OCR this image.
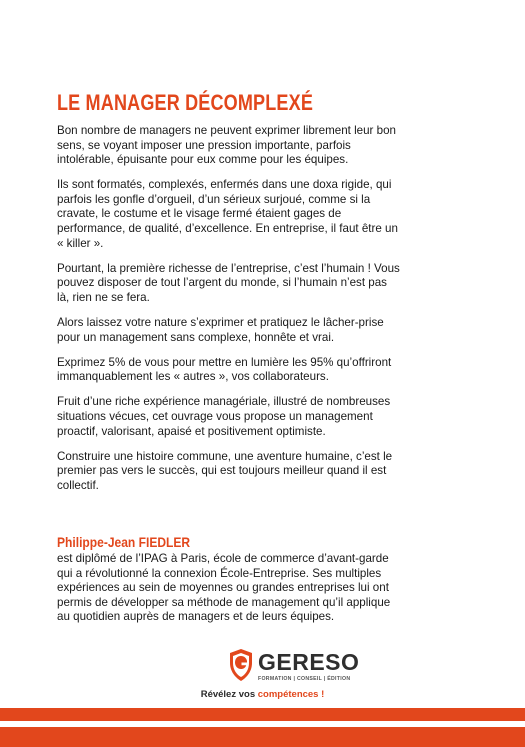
LE MANAGER DÉCOMPLEXÉ

Bon nombre de managers ne peuvent exprimer librement leur bon sens, se voyant imposer une pression importante, parfois intolérable, épuisante pour eux comme pour les équipes.

Ils sont formatés, complexés, enfermés dans une doxa rigide, qui parfois les gonfle d’orgueil, d’un sérieux surjoué, comme si la cravate, le costume et le visage fermé étaient gages de performance, de qualité, d’excellence. En entreprise, il faut être un « killer ».

Pourtant, la première richesse de l’entreprise, c’est l’humain ! Vous pouvez disposer de tout l’argent du monde, si l’humain n’est pas là, rien ne se fera.

Alors laissez votre nature s’exprimer et pratiquez le lâcher-prise pour un management sans complexe, honnête et vrai.

Exprimez 5% de vous pour mettre en lumière les 95% qu’offriront immanquablement les « autres », vos collaborateurs.

Fruit d’une riche expérience managériale, illustré de nombreuses situations vécues, cet ouvrage vous propose un management proactif, valorisant, apaisé et positivement optimiste.

Construire une histoire commune, une aventure humaine, c’est le premier pas vers le succès, qui est toujours meilleur quand il est collectif.

Philippe-Jean FIEDLER

est diplômé de l’IPAG à Paris, école de commerce d’avant-garde qui a révolutionné la connexion École-Entreprise. Ses multiples expériences au sein de moyennes ou grandes entreprises lui ont permis de développer sa méthode de management qu’il applique au quotidien auprès de managers et de leurs équipes.

GERESO
FORMATION | CONSEIL | ÉDITION
Révélez vos compétences !
